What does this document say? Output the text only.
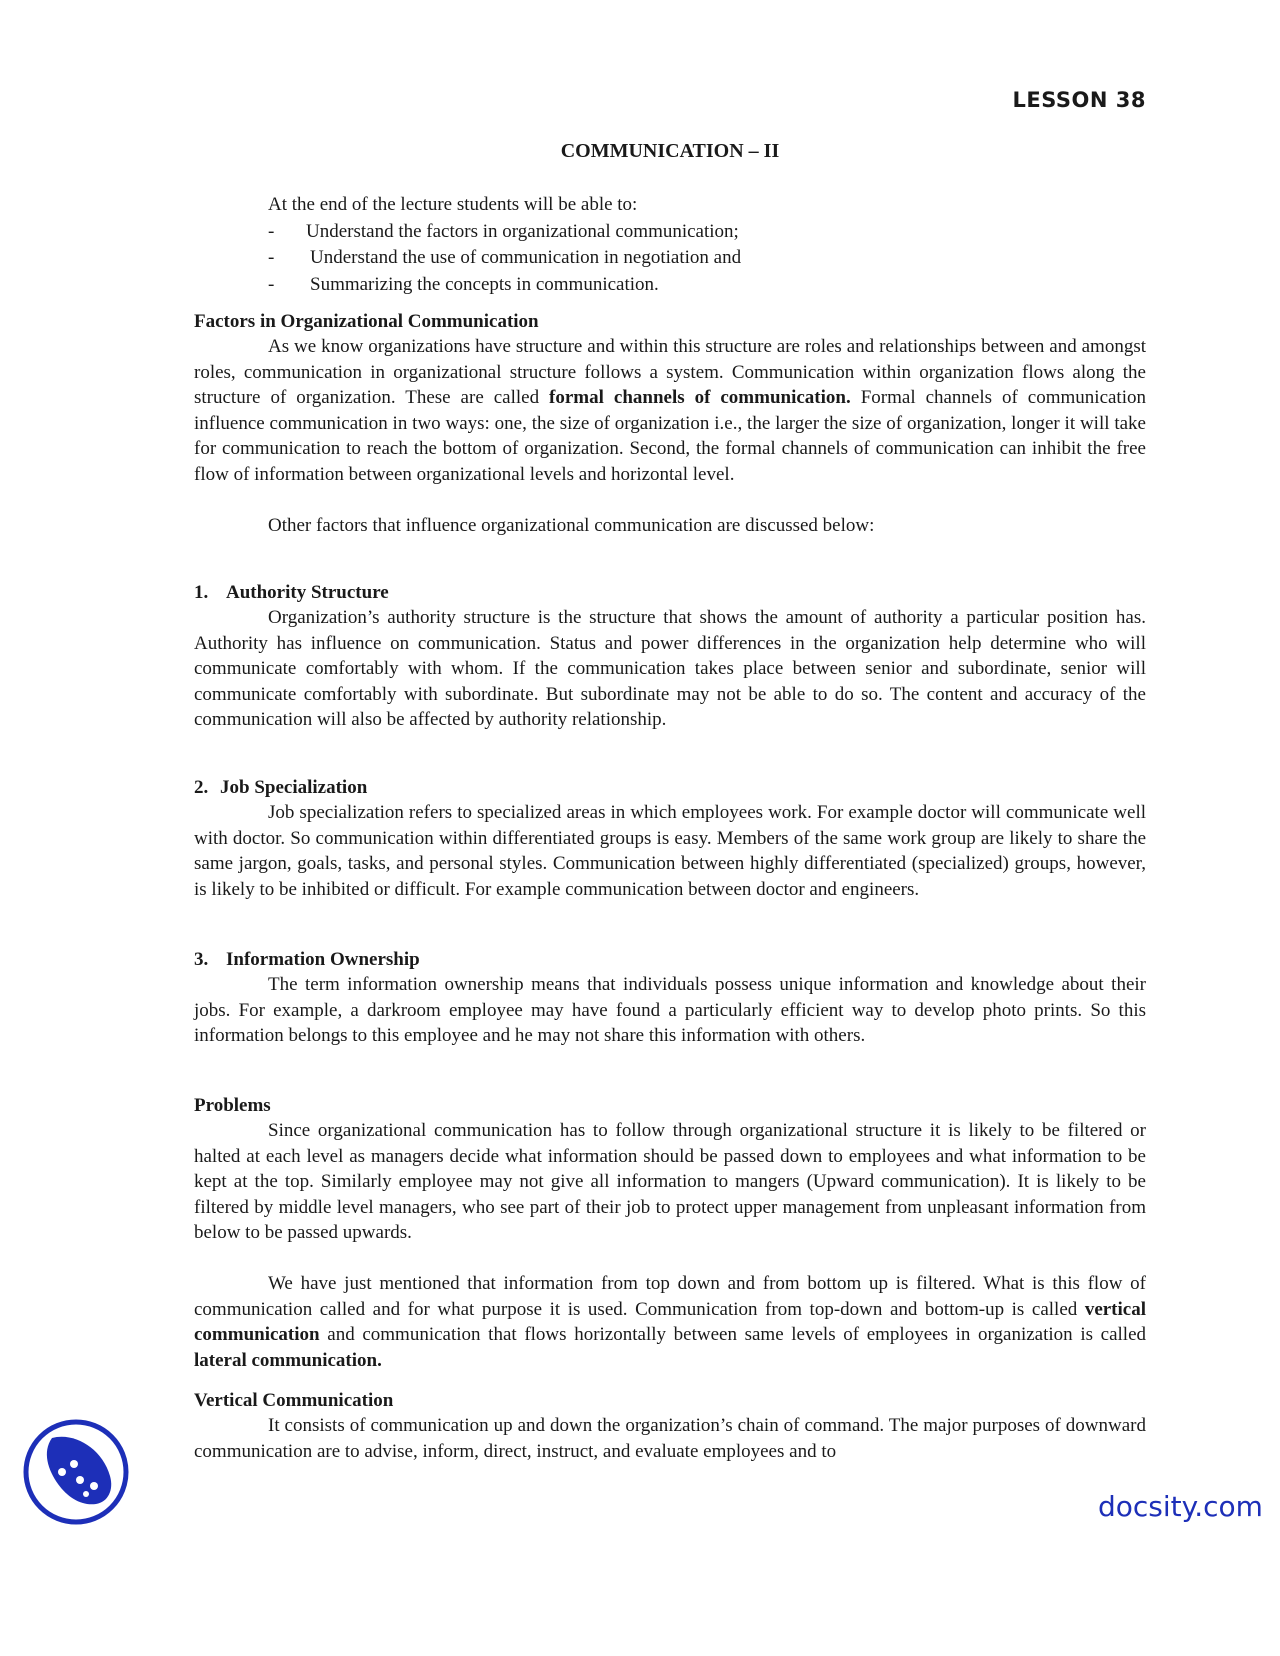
LESSON 38
COMMUNICATION – II
At the end of the lecture students will be able to:
-	Understand the factors in organizational communication;
-	Understand the use of communication in negotiation and
-	Summarizing the concepts in communication.
Factors in Organizational Communication

As we know organizations have structure and within this structure are roles and relationships between and amongst roles, communication in organizational structure follows a system. Communication within organization flows along the structure of organization. These are called formal channels of communication. Formal channels of communication influence communication in two ways: one, the size of organization i.e., the larger the size of organization, longer it will take for communication to reach the bottom of organization. Second, the formal channels of communication can inhibit the free flow of information between organizational levels and horizontal level.

Other factors that influence organizational communication are discussed below:

1. Authority Structure

Organization’s authority structure is the structure that shows the amount of authority a particular position has. Authority has influence on communication. Status and power differences in the organization help determine who will communicate comfortably with whom. If the communication takes place between senior and subordinate, senior will communicate comfortably with subordinate. But subordinate may not be able to do so. The content and accuracy of the communication will also be affected by authority relationship.

2. Job Specialization

Job specialization refers to specialized areas in which employees work. For example doctor will communicate well with doctor. So communication within differentiated groups is easy. Members of the same work group are likely to share the same jargon, goals, tasks, and personal styles. Communication between highly differentiated (specialized) groups, however, is likely to be inhibited or difficult. For example communication between doctor and engineers.

3. Information Ownership

The term information ownership means that individuals possess unique information and knowledge about their jobs. For example, a darkroom employee may have found a particularly efficient way to develop photo prints. So this information belongs to this employee and he may not share this information with others.

Problems

Since organizational communication has to follow through organizational structure it is likely to be filtered or halted at each level as managers decide what information should be passed down to employees and what information to be kept at the top. Similarly employee may not give all information to mangers (Upward communication). It is likely to be filtered by middle level managers, who see part of their job to protect upper management from unpleasant information from below to be passed upwards.

We have just mentioned that information from top down and from bottom up is filtered. What is this flow of communication called and for what purpose it is used. Communication from top-down and bottom-up is called vertical communication and communication that flows horizontally between same levels of employees in organization is called lateral communication.

Vertical Communication

It consists of communication up and down the organization’s chain of command. The major purposes of downward communication are to advise, inform, direct, instruct, and evaluate employees and to

docsity.com
